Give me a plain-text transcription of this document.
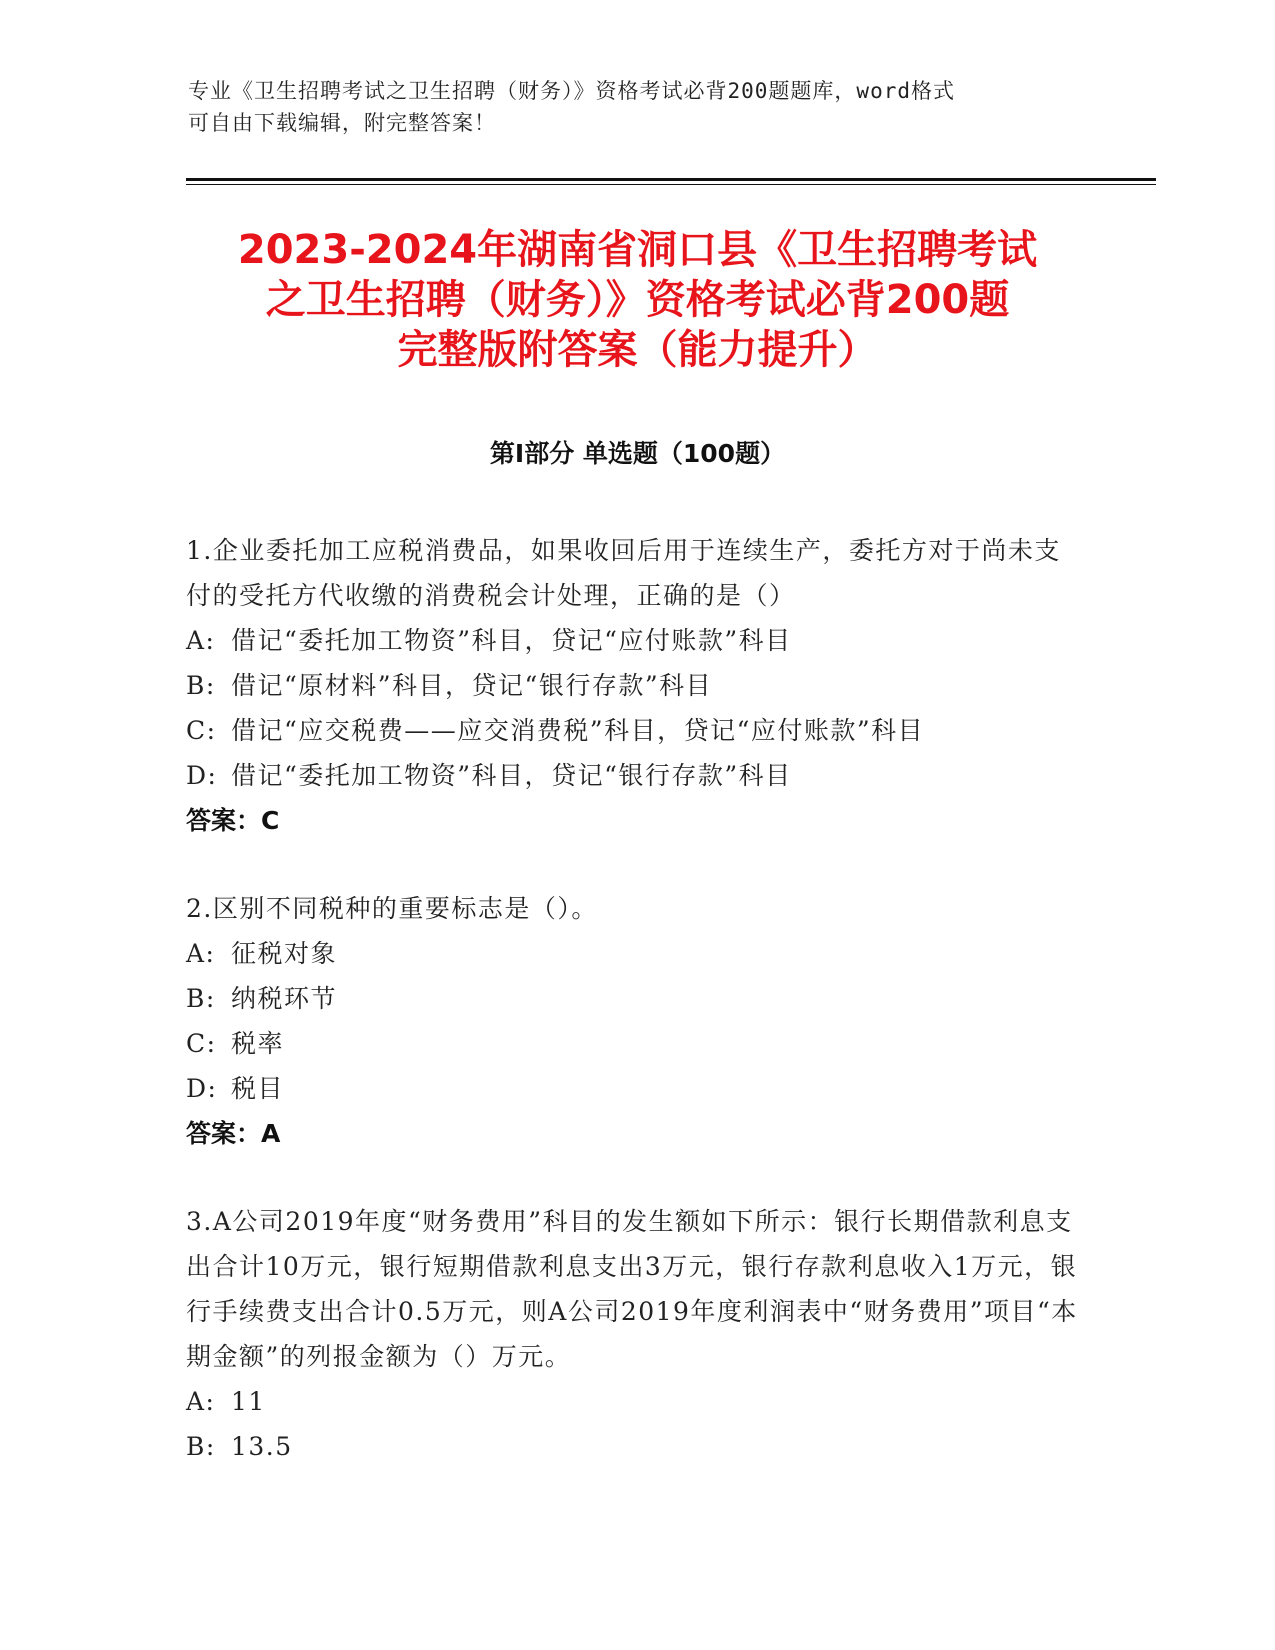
专业《卫生招聘考试之卫生招聘（财务）》资格考试必背200题题库，word格式
可自由下载编辑，附完整答案！
2023-2024年湖南省洞口县《卫生招聘考试
之卫生招聘（财务）》资格考试必背200题
完整版附答案（能力提升）
第Ⅰ部分 单选题（100题）
1.企业委托加工应税消费品，如果收回后用于连续生产，委托方对于尚未支付的受托方代收缴的消费税会计处理，正确的是（）
A: 借记“委托加工物资”科目，贷记“应付账款”科目
B: 借记“原材料”科目，贷记“银行存款”科目
C: 借记“应交税费——应交消费税”科目，贷记“应付账款”科目
D: 借记“委托加工物资”科目，贷记“银行存款”科目
答案：C
2.区别不同税种的重要标志是（）。
A: 征税对象
B: 纳税环节
C: 税率
D: 税目
答案：A
3.A公司2019年度“财务费用”科目的发生额如下所示：银行长期借款利息支出合计10万元，银行短期借款利息支出3万元，银行存款利息收入1万元，银行手续费支出合计0.5万元，则A公司2019年度利润表中“财务费用”项目“本期金额”的列报金额为（）万元。
A: 11
B: 13.5
